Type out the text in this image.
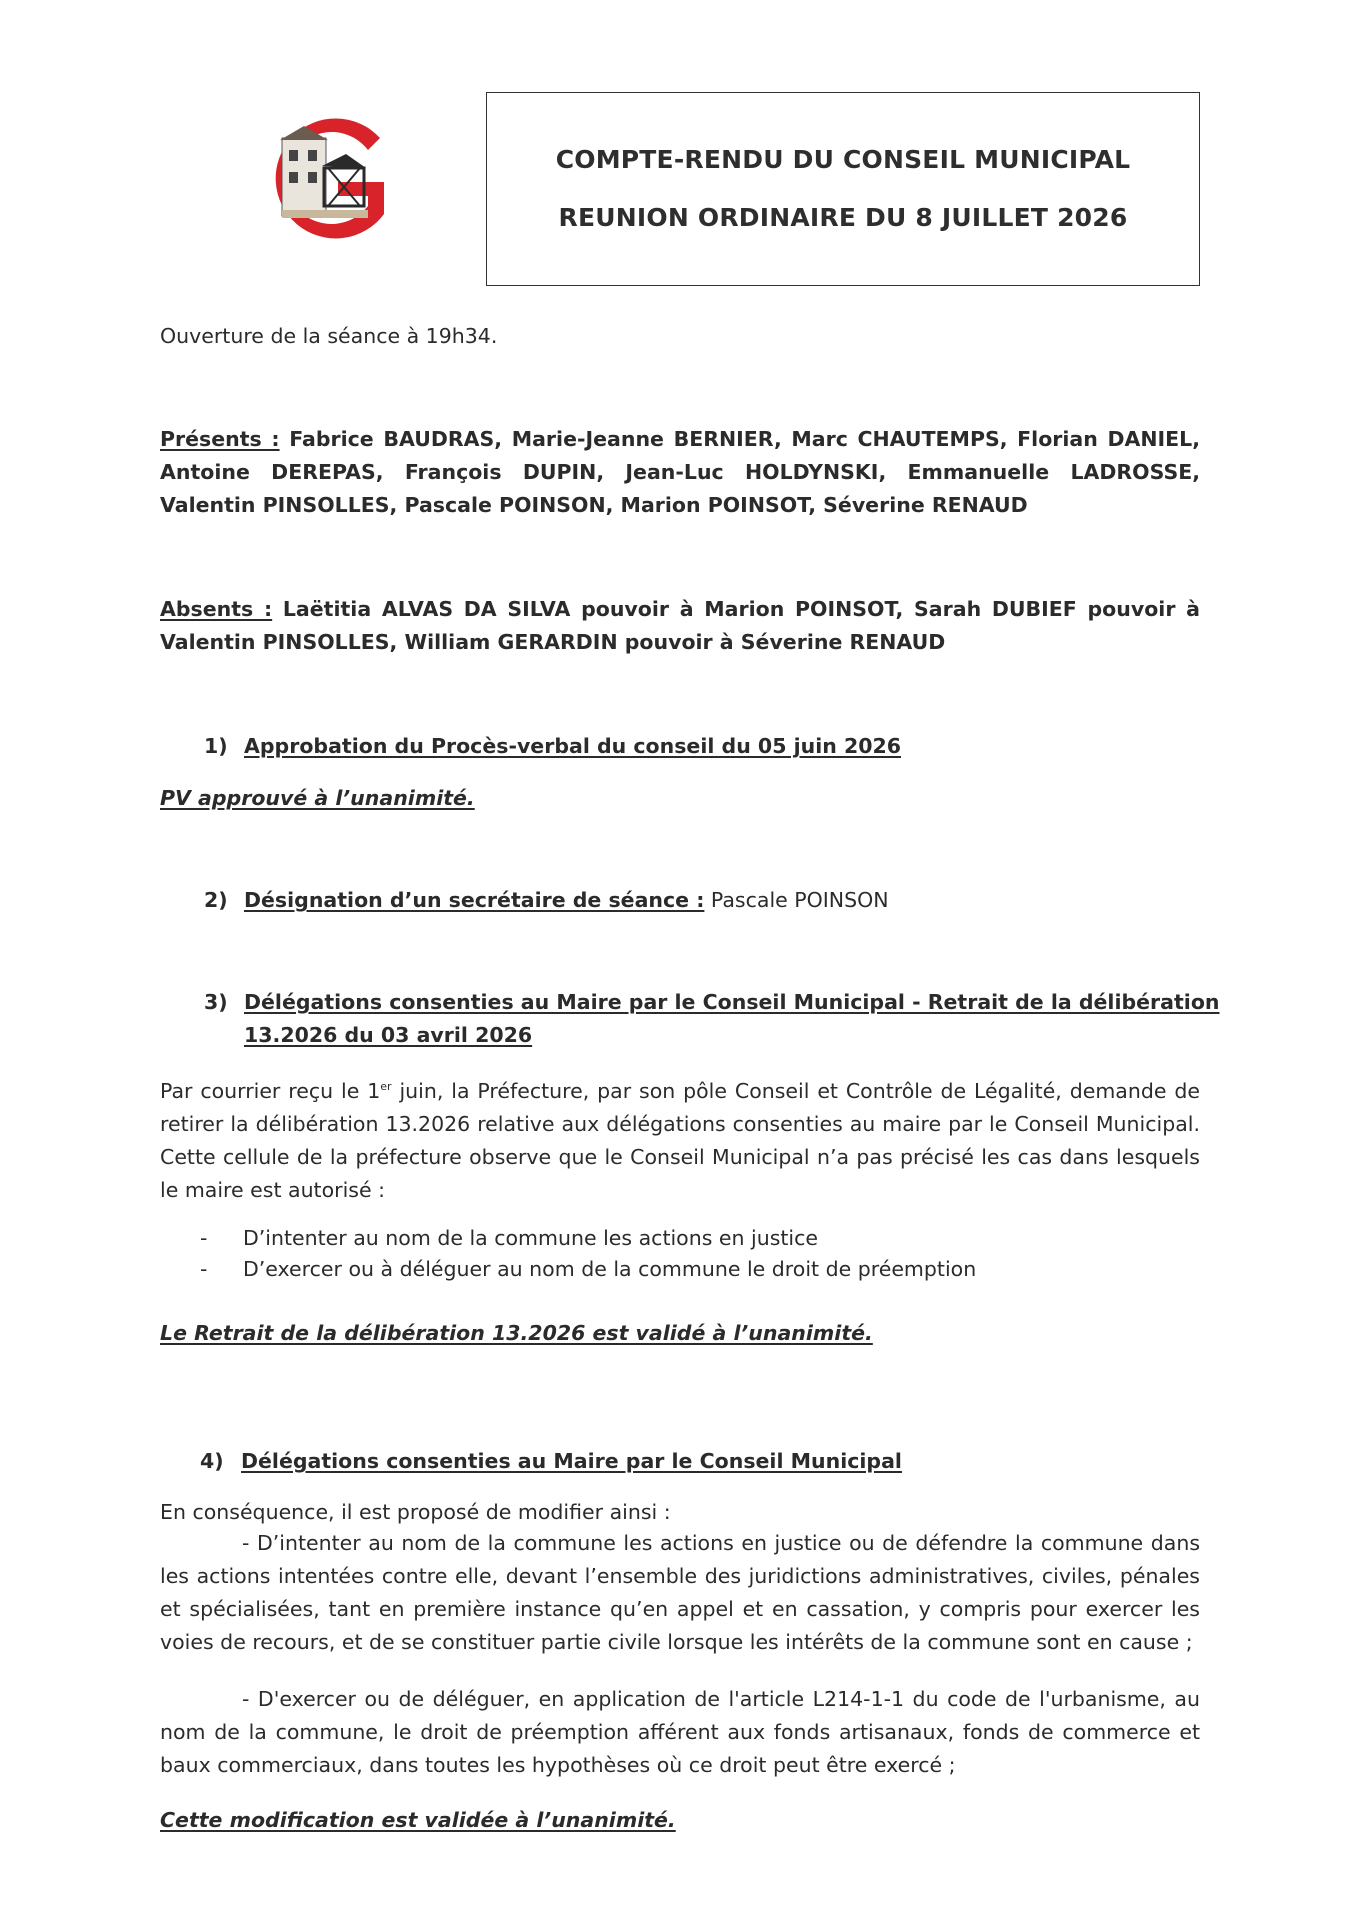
COMPTE-RENDU DU CONSEIL MUNICIPAL
REUNION ORDINAIRE DU 8 JUILLET 2026

Ouverture de la séance à 19h34.

Présents : Fabrice BAUDRAS, Marie-Jeanne BERNIER, Marc CHAUTEMPS, Florian DANIEL, Antoine DEREPAS, François DUPIN, Jean-Luc HOLDYNSKI, Emmanuelle LADROSSE, Valentin PINSOLLES, Pascale POINSON, Marion POINSOT, Séverine RENAUD

Absents : Laëtitia ALVAS DA SILVA pouvoir à Marion POINSOT, Sarah DUBIEF pouvoir à Valentin PINSOLLES, William GERARDIN pouvoir à Séverine RENAUD

1) Approbation du Procès-verbal du conseil du 05 juin 2026
PV approuvé à l’unanimité.
2) Désignation d’un secrétaire de séance : Pascale POINSON
3) Délégations consenties au Maire par le Conseil Municipal - Retrait de la délibération
13.2026 du 03 avril 2026

Par courrier reçu le 1er juin, la Préfecture, par son pôle Conseil et Contrôle de Légalité, demande de retirer la délibération 13.2026 relative aux délégations consenties au maire par le Conseil Municipal. Cette cellule de la préfecture observe que le Conseil Municipal n’a pas précisé les cas dans lesquels le maire est autorisé :

- D’intenter au nom de la commune les actions en justice
- D’exercer ou à déléguer au nom de la commune le droit de préemption
Le Retrait de la délibération 13.2026 est validé à l’unanimité.
4) Délégations consenties au Maire par le Conseil Municipal

En conséquence, il est proposé de modifier ainsi :

- D’intenter au nom de la commune les actions en justice ou de défendre la commune dans les actions intentées contre elle, devant l’ensemble des juridictions administratives, civiles, pénales et spécialisées, tant en première instance qu’en appel et en cassation, y compris pour exercer les voies de recours, et de se constituer partie civile lorsque les intérêts de la commune sont en cause ;

- D'exercer ou de déléguer, en application de l'article L214-1-1 du code de l'urbanisme, au nom de la commune, le droit de préemption afférent aux fonds artisanaux, fonds de commerce et baux commerciaux, dans toutes les hypothèses où ce droit peut être exercé ;

Cette modification est validée à l’unanimité.
